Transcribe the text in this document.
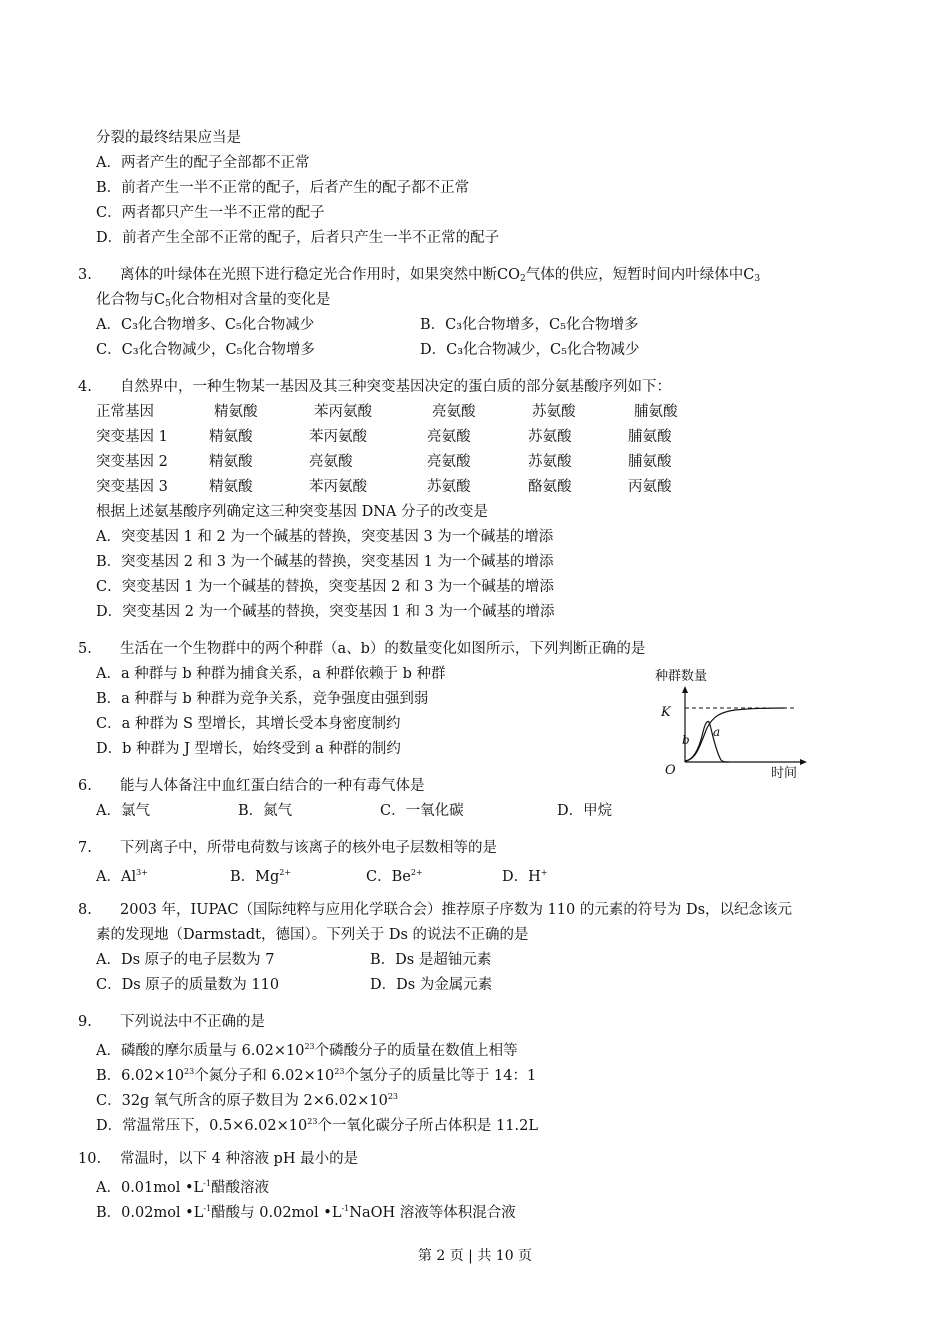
分裂的最终结果应当是
A．两者产生的配子全部都不正常
B．前者产生一半不正常的配子，后者产生的配子都不正常
C．两者都只产生一半不正常的配子
D．前者产生全部不正常的配子，后者只产生一半不正常的配子
3. 离体的叶绿体在光照下进行稳定光合作用时，如果突然中断$CO_2$气体的供应，短暂时间内叶绿体中$C_3$
化合物与$C_5$化合物相对含量的变化是
A．C₃化合物增多、C₅化合物减少	B．C₃化合物增多，C₅化合物增多
C．C₃化合物减少，C₅化合物增多	D．C₃化合物减少，C₅化合物减少
4. 自然界中，一种生物某一基因及其三种突变基因决定的蛋白质的部分氨基酸序列如下：
正常基因	精氨酸	苯丙氨酸	亮氨酸	苏氨酸	脯氨酸
突变基因 1	精氨酸	苯丙氨酸	亮氨酸	苏氨酸	脯氨酸
突变基因 2	精氨酸	亮氨酸	亮氨酸	苏氨酸	脯氨酸
突变基因 3	精氨酸	苯丙氨酸	苏氨酸	酪氨酸	丙氨酸
根据上述氨基酸序列确定这三种突变基因 DNA 分子的改变是
A．突变基因 1 和 2 为一个碱基的替换，突变基因 3 为一个碱基的增添
B．突变基因 2 和 3 为一个碱基的替换，突变基因 1 为一个碱基的增添
C．突变基因 1 为一个碱基的替换，突变基因 2 和 3 为一个碱基的增添
D．突变基因 2 为一个碱基的替换，突变基因 1 和 3 为一个碱基的增添
5. 生活在一个生物群中的两个种群（a、b）的数量变化如图所示，下列判断正确的是
A．a 种群与 b 种群为捕食关系，a 种群依赖于 b 种群
B．a 种群与 b 种群为竞争关系，竞争强度由强到弱
C．a 种群为 S 型增长，其增长受本身密度制约
D．b 种群为 J 型增长，始终受到 a 种群的制约
种群数量
K
O	时间
a
b
6. 能与人体备注中血红蛋白结合的一种有毒气体是
A．氯气	B．氮气	C．一氧化碳	D．甲烷
7. 下列离子中，所带电荷数与该离子的核外电子层数相等的是
A．$Al^{3+}$	B．$Mg^{2+}$	C．$Be^{2+}$	D．H+
8. 2003 年，IUPAC（国际纯粹与应用化学联合会）推荐原子序数为 110 的元素的符号为 Ds，以纪念该元
素的发现地（Darmstadt，德国）。下列关于 Ds 的说法不正确的是
A．Ds 原子的电子层数为 7	B．Ds 是超铀元素
C．Ds 原子的质量数为 110	D．Ds 为金属元素
9. 下列说法中不正确的是
A．磷酸的摩尔质量与 $6.02\times 10^{23}$个磷酸分子的质量在数值上相等
B．$6.02\times 10^{23}$个氮分子和 $6.02\times 10^{23}$个氢分子的质量比等于 14：1
C．32g 氧气所含的原子数目为 $2\times 6.02\times 10^{23}$
D．常温常压下，$0.5\times 6.02\times 10^{23}$个一氧化碳分子所占体积是 11.2L
10. 常温时，以下 4 种溶液 pH 最小的是
A．0.01mol $•L^{-1}$醋酸溶液
B．0.02mol $•L^{-1}$醋酸与 0.02mol $•L^{-1}NaOH$ 溶液等体积混合液
第 2 页 | 共 10 页
